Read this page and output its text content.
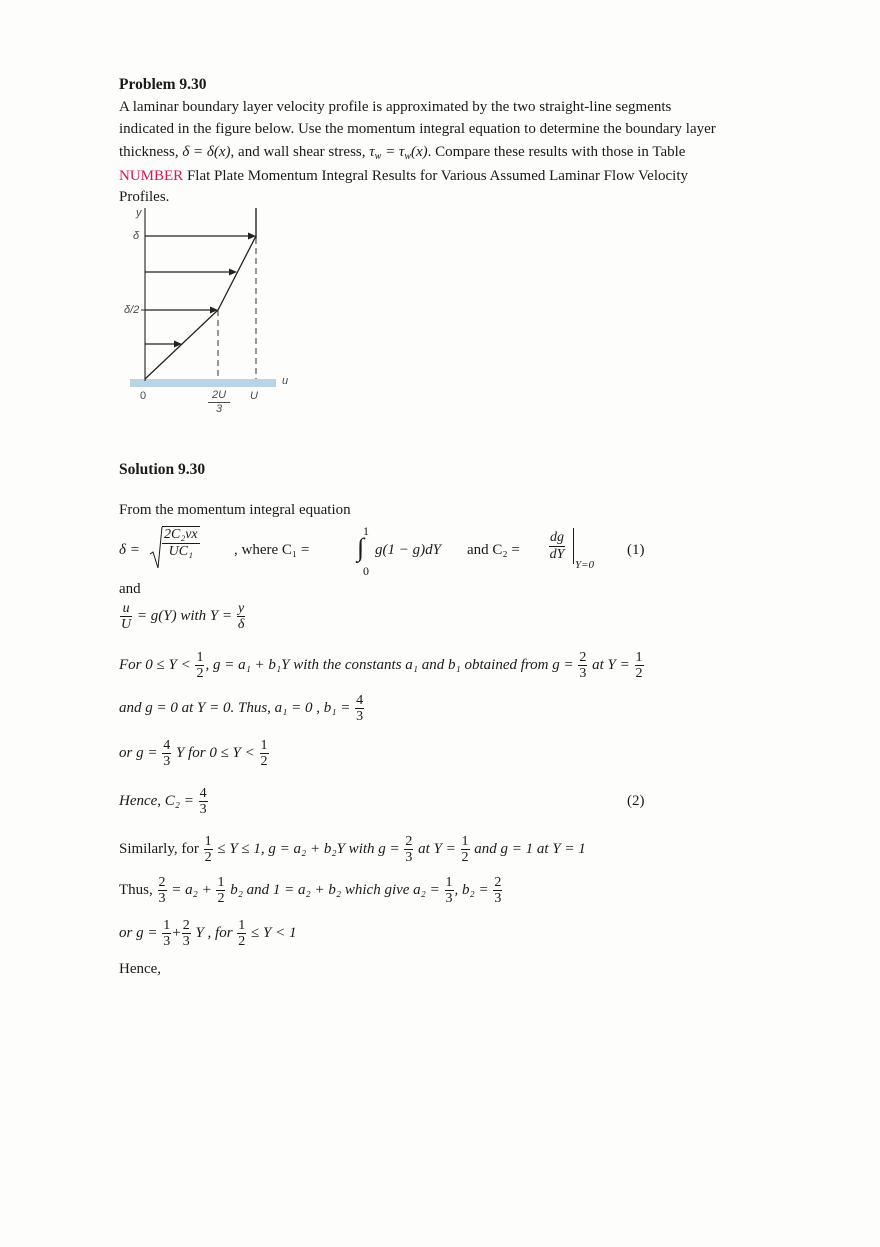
Problem 9.30
A laminar boundary layer velocity profile is approximated by the two straight-line segments
indicated in the figure below. Use the momentum integral equation to determine the boundary layer
thickness, δ = δ(x), and wall shear stress, $\tau_w = \tau_w(x)$. Compare these results with those in Table
NUMBER Flat Plate Momentum Integral Results for Various Assumed Laminar Flow Velocity
Profiles.
y
δ
δ/2
0
u
U
$\frac{2U}{3}$
Solution 9.30
From the momentum integral equation
$\delta = \frac{\text{2C₂νx}}{\text{UC₁}}$ , where C₁ =
1
∫
0
g(1 − g)dY and C₂ =
dg
dY
Y=0
(1)
and
$\frac{u}{U} = g(Y)$ with $Y = \frac{y}{\delta}$
For $0 \le Y < \frac{1}{2}$ , g = a₁ + b₁Y with the constants a₁ and b₁ obtained from $g = \frac{2}{3}$ at $Y = \frac{1}{2}$
and g = 0 at Y = 0. Thus, a₁ = 0 , $b_1 = \frac{4}{3}$
or $g = \frac{4}{3}$ Y for $0 \le Y < \frac{1}{2}$
Hence, $C_2 = \frac{4}{3}$	(2)
Similarly, for $\frac{1}{2} \le Y \le 1$, g = a₂ + b₂Y with $g = \frac{2}{3}$ at $Y = \frac{1}{2}$ and g = 1 at Y = 1
Thus, $\frac{2}{3} = a_2 + \frac{1}{2} b_2$ and 1 = a₂ + b₂ which give $a_2 = \frac{1}{3}$ , $b_2 = \frac{2}{3}$
or $g = \frac{1}{3} + \frac{2}{3}$ Y , for $\frac{1}{2} \le Y < 1$
Hence,
